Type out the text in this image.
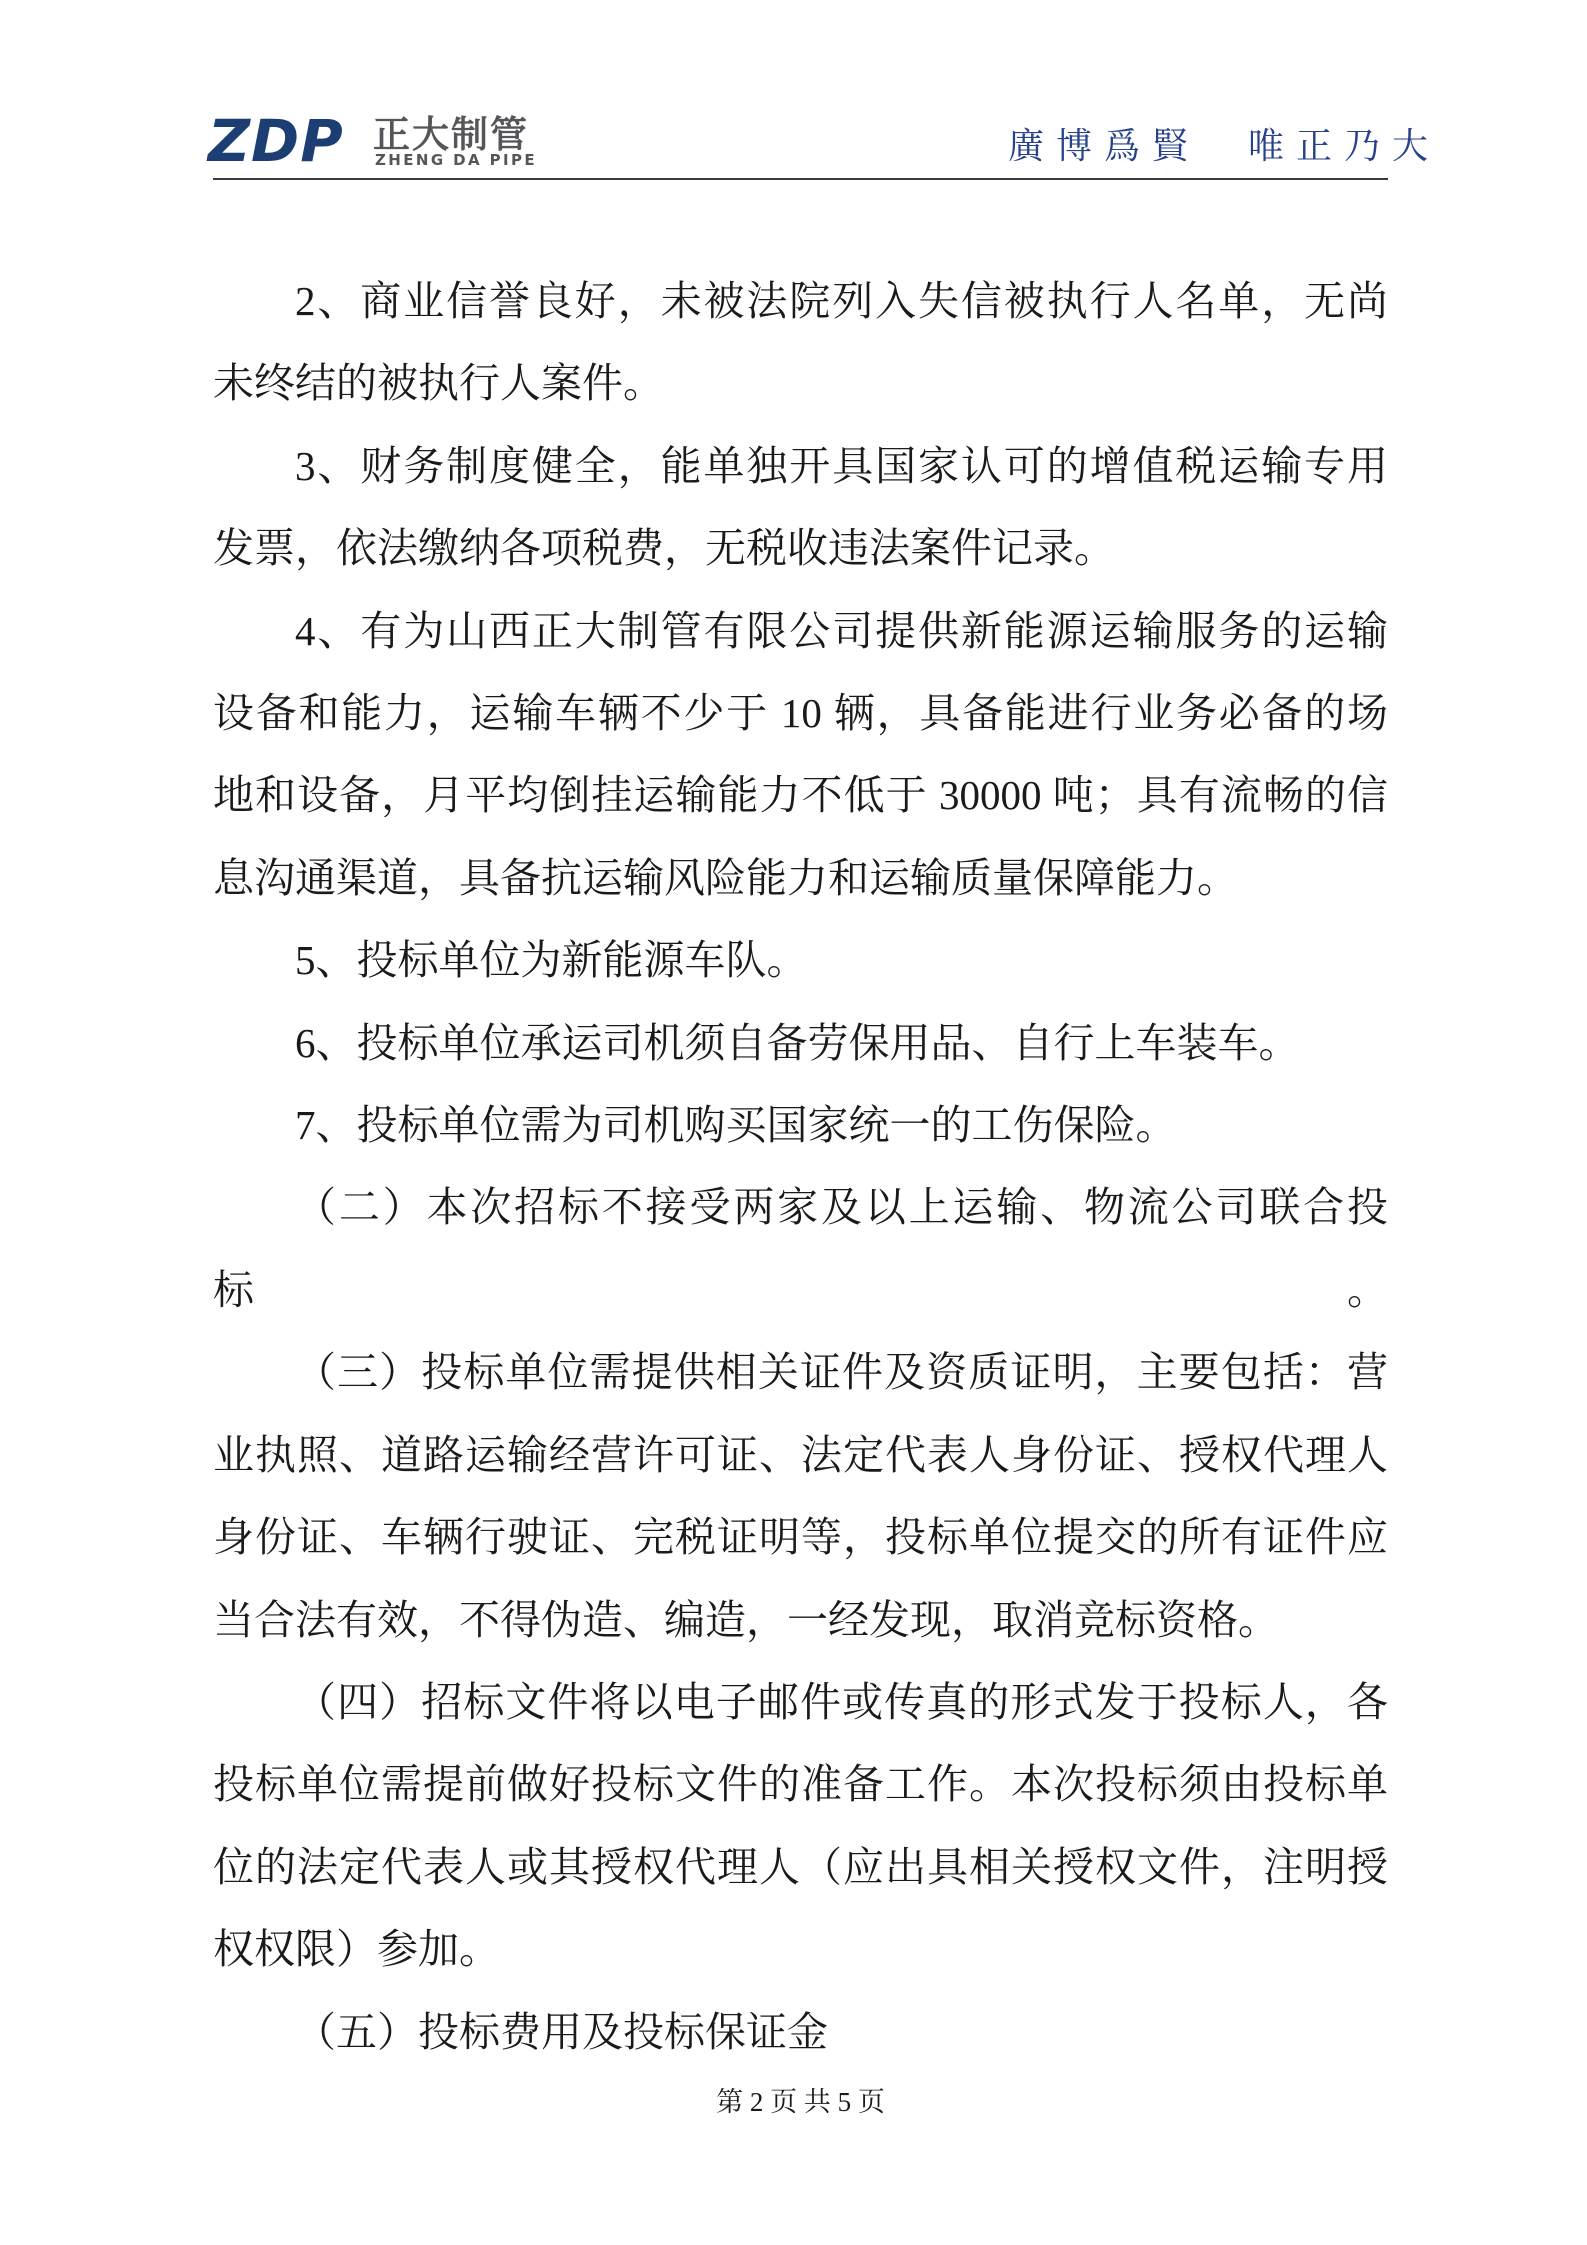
ZDP 正大制管
ZHENG DA PIPE	廣博爲賢　唯正乃大
2、商业信誉良好，未被法院列入失信被执行人名单，无尚
未终结的被执行人案件。
3、财务制度健全，能单独开具国家认可的增值税运输专用
发票，依法缴纳各项税费，无税收违法案件记录。
4、有为山西正大制管有限公司提供新能源运输服务的运输
设备和能力，运输车辆不少于 10 辆，具备能进行业务必备的场
地和设备，月平均倒挂运输能力不低于 30000 吨；具有流畅的信
息沟通渠道，具备抗运输风险能力和运输质量保障能力。
5、投标单位为新能源车队。
6、投标单位承运司机须自备劳保用品、自行上车装车。
7、投标单位需为司机购买国家统一的工伤保险。
（二）本次招标不接受两家及以上运输、物流公司联合投标。
（三）投标单位需提供相关证件及资质证明，主要包括：营
业执照、道路运输经营许可证、法定代表人身份证、授权代理人
身份证、车辆行驶证、完税证明等，投标单位提交的所有证件应
当合法有效，不得伪造、编造，一经发现，取消竞标资格。
（四）招标文件将以电子邮件或传真的形式发于投标人，各
投标单位需提前做好投标文件的准备工作。本次投标须由投标单
位的法定代表人或其授权代理人（应出具相关授权文件，注明授
权权限）参加。
（五）投标费用及投标保证金
第 2 页 共 5 页
